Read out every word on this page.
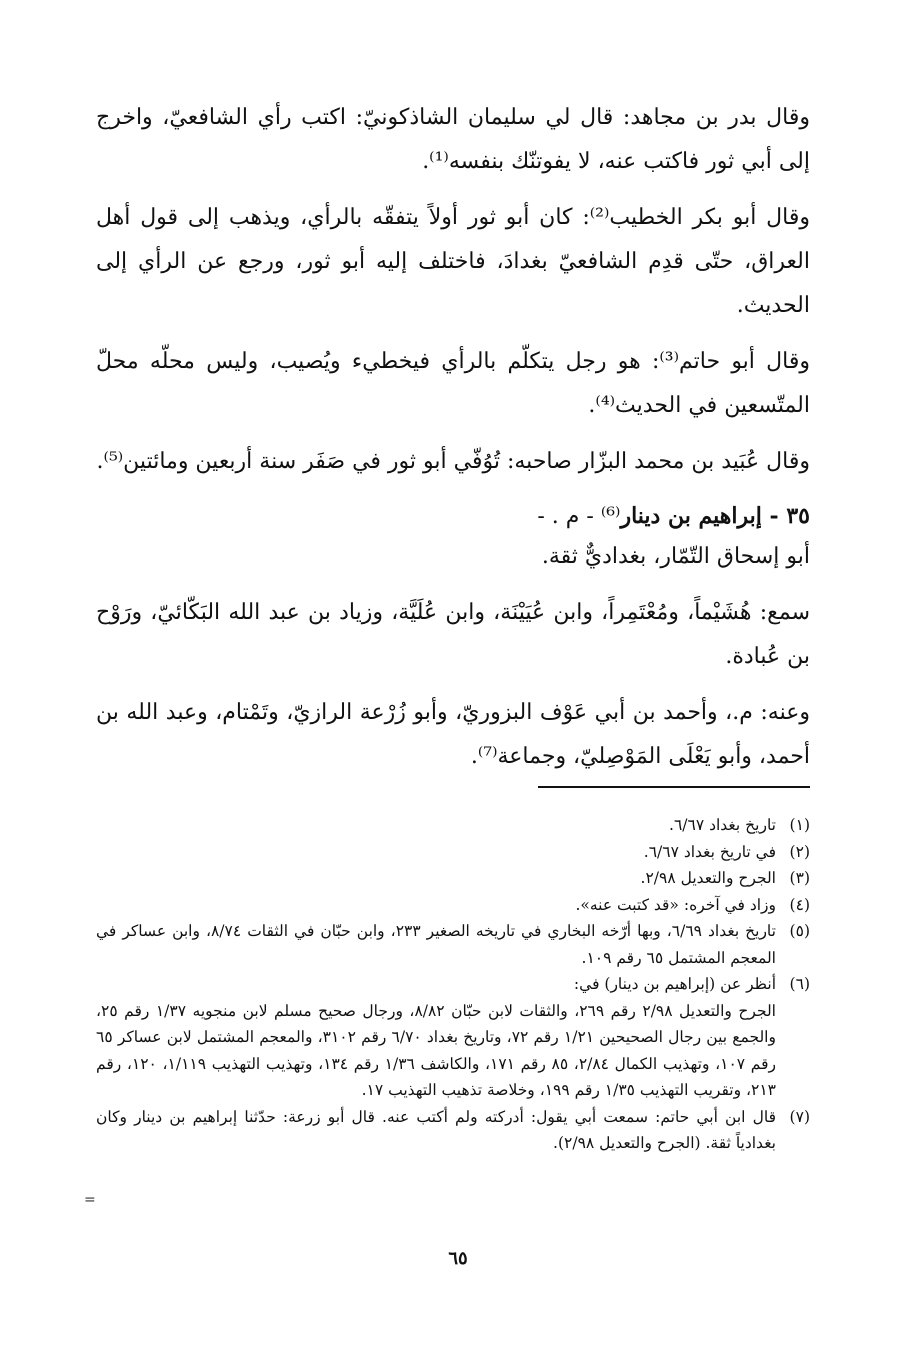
وقال بدر بن مجاهد: قال لي سليمان الشاذكونيّ: اكتب رأي الشافعيّ، واخرج إلى أبي ثور فاكتب عنه، لا يفوتنّك بنفسه⁽¹⁾.

وقال أبو بكر الخطيب⁽²⁾: كان أبو ثور أولاً يتفقّه بالرأي، ويذهب إلى قول أهل العراق، حتّى قدِم الشافعيّ بغدادَ، فاختلف إليه أبو ثور، ورجع عن الرأي إلى الحديث.

وقال أبو حاتم⁽³⁾: هو رجل يتكلّم بالرأي فيخطيء ويُصيب، وليس محلّه محلّ المتّسعين في الحديث⁽⁴⁾.

وقال عُبَيد بن محمد البزّار صاحبه: تُوُفّي أبو ثور في صَفَر سنة أربعين ومائتين⁽⁵⁾.

٣٥ - إبراهيم بن دينار⁽⁶⁾ - م . -

أبو إسحاق التّمّار، بغداديٌّ ثقة.

سمع: هُشَيْماً، ومُعْتَمِراً، وابن عُيَيْنَة، وابن عُلَيَّة، وزياد بن عبد الله البَكّائيّ، ورَوْح بن عُبادة.

وعنه: م.، وأحمد بن أبي عَوْف البزوريّ، وأبو زُرْعة الرازيّ، وتَمْتام، وعبد الله بن أحمد، وأبو يَعْلَى المَوْصِليّ، وجماعة⁽⁷⁾.

(١)
تاريخ بغداد ٦/٦٧.
(٢)
في تاريخ بغداد ٦/٦٧.
(٣)
الجرح والتعديل ٢/٩٨.
(٤)
وزاد في آخره: «قد كتبت عنه».
(٥)
تاريخ بغداد ٦/٦٩، وبها أرّخه البخاري في تاريخه الصغير ٢٣٣، وابن حبّان في الثقات ٨/٧٤، وابن عساكر في المعجم المشتمل ٦٥ رقم ١٠٩.
(٦)
أنظر عن (إبراهيم بن دينار) في:
الجرح والتعديل ٢/٩٨ رقم ٢٦٩، والثقات لابن حبّان ٨/٨٢، ورجال صحيح مسلم لابن منجويه ١/٣٧ رقم ٢٥، والجمع بين رجال الصحيحين ١/٢١ رقم ٧٢، وتاريخ بغداد ٦/٧٠ رقم ٣١٠٢، والمعجم المشتمل لابن عساكر ٦٥ رقم ١٠٧، وتهذيب الكمال ٢/٨٤، ٨٥ رقم ١٧١، والكاشف ١/٣٦ رقم ١٣٤، وتهذيب التهذيب ١/١١٩، ١٢٠، رقم ٢١٣، وتقريب التهذيب ١/٣٥ رقم ١٩٩، وخلاصة تذهيب التهذيب ١٧.
(٧)
قال ابن أبي حاتم: سمعت أبي يقول: أدركته ولم أكتب عنه. قال أبو زرعة: حدّثنا إبراهيم بن دينار وكان بغدادياً ثقة. (الجرح والتعديل ٢/٩٨).
=
٦٥
